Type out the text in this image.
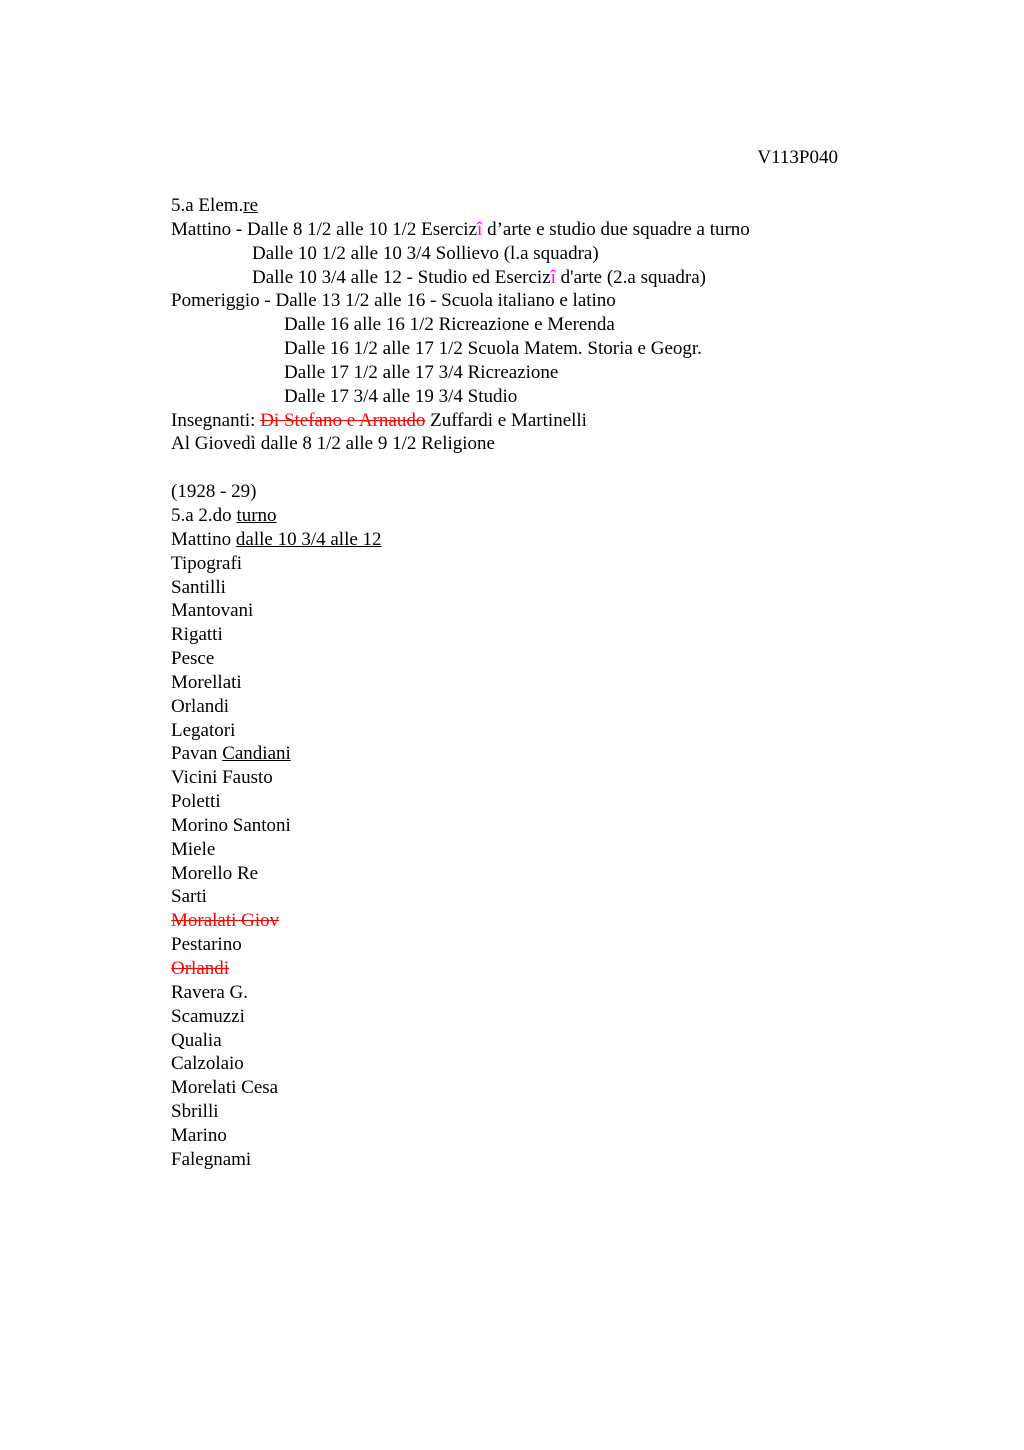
V113P040
5.a Elem.re
Mattino - Dalle 8 1/2 alle 10 1/2 Esercizî d’arte e studio due squadre a turno
Dalle 10 1/2 alle 10 3/4 Sollievo (l.a squadra)
Dalle 10 3/4 alle 12 - Studio ed Esercizî d'arte (2.a squadra)
Pomeriggio - Dalle 13 1/2 alle 16 - Scuola italiano e latino
Dalle 16 alle 16 1/2 Ricreazione e Merenda
Dalle 16 1/2 alle 17 1/2 Scuola Matem. Storia e Geogr.
Dalle 17 1/2 alle 17 3/4 Ricreazione
Dalle 17 3/4 alle 19 3/4 Studio
Insegnanti: Di Stefano e Arnaudo Zuffardi e Martinelli
Al Giovedì dalle 8 1/2 alle 9 1/2 Religione
(1928 - 29)
5.a 2.do turno
Mattino dalle 10 3/4 alle 12
Tipografi
Santilli
Mantovani
Rigatti
Pesce
Morellati
Orlandi
Legatori
Pavan Candiani
Vicini Fausto
Poletti
Morino Santoni
Miele
Morello Re
Sarti
Moralati Giov
Pestarino
Orlandi
Ravera G.
Scamuzzi
Qualia
Calzolaio
Morelati Cesa
Sbrilli
Marino
Falegnami
